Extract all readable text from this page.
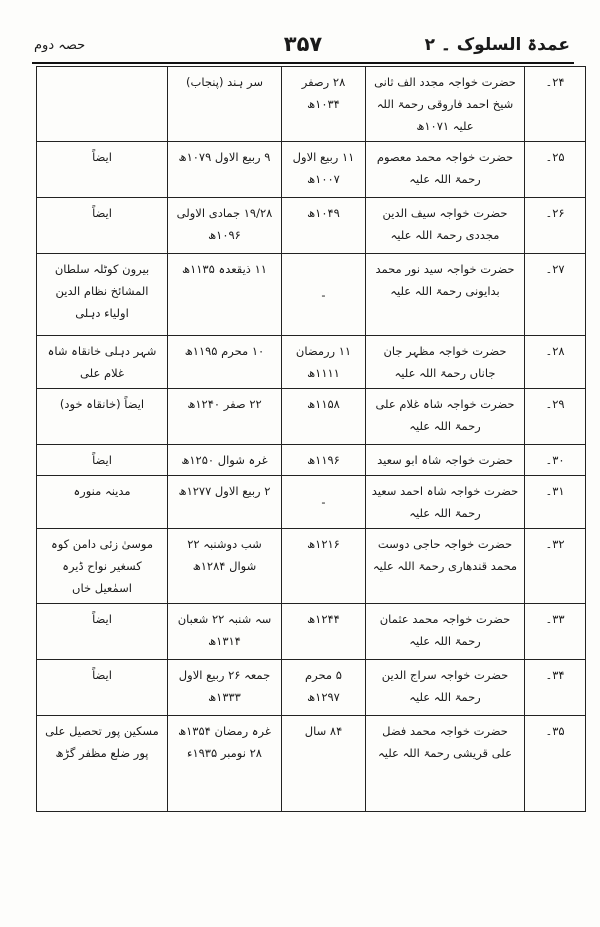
عمدۃ السلوک ۔ ۲
۳۵۷
حصہ دوم
۲۴۔	حضرت خواجہ مجدد الف ثانی شیخ احمد فاروقی رحمۃ اللہ علیہ ۱۰۷۱ھ	۲۸ رصفر ۱۰۳۴ھ	سر ہند (پنجاب)	
۲۵۔	حضرت خواجہ محمد معصوم رحمۃ اللہ علیہ	۱۱ ربیع الاول ۱۰۰۷ھ	۹ ربیع الاول ۱۰۷۹ھ	ایضاً
۲۶۔	حضرت خواجہ سیف الدین مجددی رحمۃ اللہ علیہ	۱۰۴۹ھ	۱۹/۲۸ جمادی الاولی ۱۰۹۶ھ	ایضاً
۲۷۔	حضرت خواجہ سید نور محمد بدایونی رحمۃ اللہ علیہ	-	۱۱ ذیقعدہ ۱۱۳۵ھ	بیرون کوٹلہ سلطان المشائخ نظام الدین اولیاء دہلی
۲۸۔	حضرت خواجہ مظہر جان جاناں رحمۃ اللہ علیہ	۱۱ ررمضان ۱۱۱۱ھ	۱۰ محرم ۱۱۹۵ھ	شہر دہلی خانقاہ شاہ غلام علی
۲۹۔	حضرت خواجہ شاہ غلام علی رحمۃ اللہ علیہ	۱۱۵۸ھ	۲۲ صفر ۱۲۴۰ھ	ایضاً (خانقاہ خود)
۳۰۔	حضرت خواجہ شاہ ابو سعید	۱۱۹۶ھ	غرہ شوال ۱۲۵۰ھ	ایضاً
۳۱۔	حضرت خواجہ شاہ احمد سعید رحمۃ اللہ علیہ	-	۲ ربیع الاول ۱۲۷۷ھ	مدینہ منورہ
۳۲۔	حضرت خواجہ حاجی دوست محمد قندھاری رحمۃ اللہ علیہ	۱۲۱۶ھ	شب دوشنبہ ۲۲ شوال ۱۲۸۴ھ	موسیٰ زئی دامن کوہ کسغیر نواح ڈیرہ اسمٰعیل خاں
۳۳۔	حضرت خواجہ محمد عثمان رحمۃ اللہ علیہ	۱۲۴۴ھ	سہ شنبہ ۲۲ شعبان ۱۳۱۴ھ	ایضاً
۳۴۔	حضرت خواجہ سراج الدین رحمۃ اللہ علیہ	۵ محرم ۱۲۹۷ھ	جمعہ ۲۶ ربیع الاول ۱۳۳۳ھ	ایضاً
۳۵۔	حضرت خواجہ محمد فضل علی قریشی رحمۃ اللہ علیہ	۸۴ سال	غرہ رمضان ۱۳۵۴ھ ۲۸ نومبر ۱۹۳۵ء	مسکین پور تحصیل علی پور ضلع مظفر گڑھ
